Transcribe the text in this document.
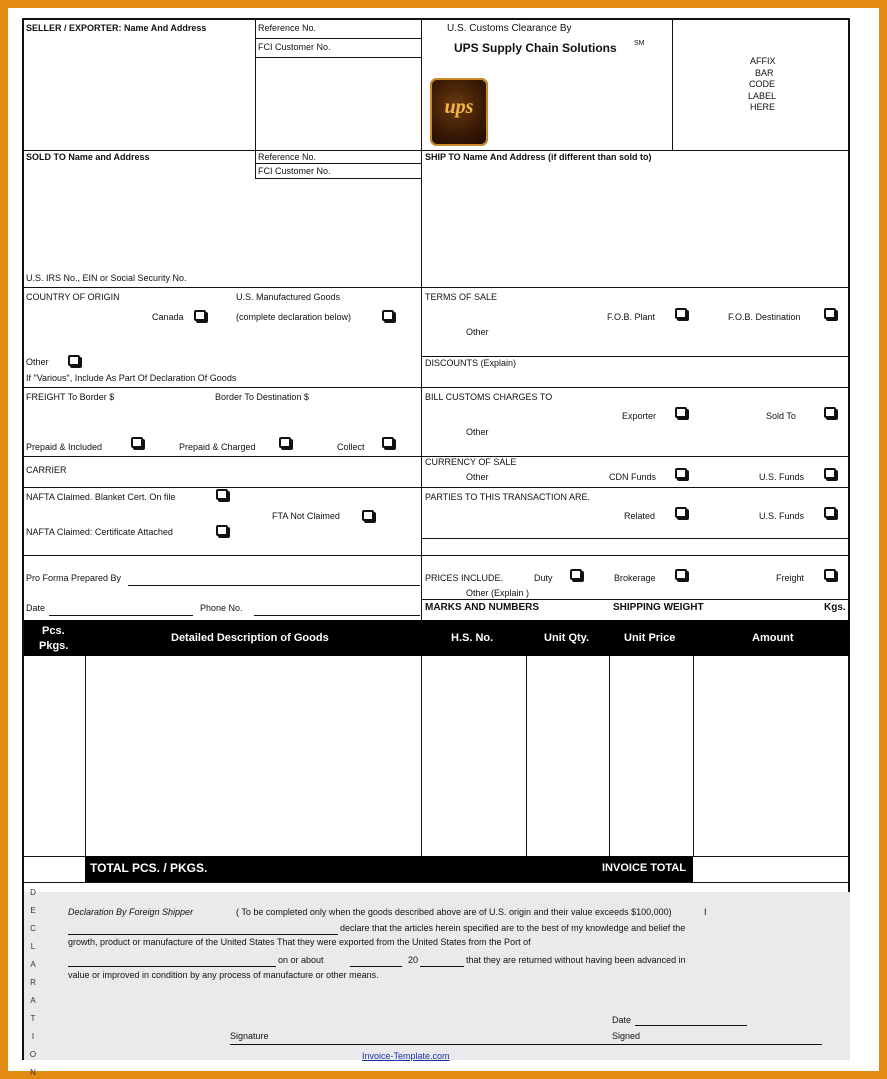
SELLER / EXPORTER: Name And Address	Reference No.
FCI Customer No.
U.S. Customs Clearance By
UPS Supply Chain Solutions SM
ups
AFFIX
BAR
CODE
LABEL
HERE
SOLD TO Name and Address	Reference No.
FCI Customer No.
U.S. IRS No., EIN or Social Security No.
SHIP TO Name And Address (if different than sold to)
COUNTRY OF ORIGIN	U.S. Manufactured Goods
Canada	(complete declaration below)
Other
If "Various", Include As Part Of Declaration Of Goods
TERMS OF SALE
F.O.B. Plant	F.O.B. Destination
Other
DISCOUNTS (Explain)
FREIGHT To Border $	Border To Destination $
Prepaid & Included	Prepaid & Charged	Collect
BILL CUSTOMS CHARGES TO
Exporter	Sold To
Other
CARRIER
CURRENCY OF SALE
Other	CDN Funds	U.S. Funds
NAFTA Claimed. Blanket Cert. On file
FTA Not Claimed
NAFTA Claimed: Certificate Attached
PARTIES TO THIS TRANSACTION ARE.
Related	U.S. Funds
Pro Forma Prepared By
Date	Phone No.
PRICES INCLUDE.	Duty	Brokerage	Freight
Other (Explain )
MARKS AND NUMBERS	SHIPPING WEIGHT	Kgs.
Pcs.
Pkgs.
Detailed Description of Goods	H.S. No.	Unit Qty.	Unit Price	Amount
TOTAL PCS. / PKGS.	INVOICE TOTAL
D
E
C
L
A
R
A
T
I
O
N
Declaration By Foreign Shipper	( To be completed only when the goods described above are of U.S. origin and their value exceeds $100,000)	I
declare that the articles herein specified are to the best of my knowledge and belief the
growth, product or manufacture of the United States That they were exported from the United States from the Port of
on or about	20	that they are returned without having been advanced in
value or improved in condition by any process of manufacture or other means.
Date
Signature	Signed
Invoice-Template.com
